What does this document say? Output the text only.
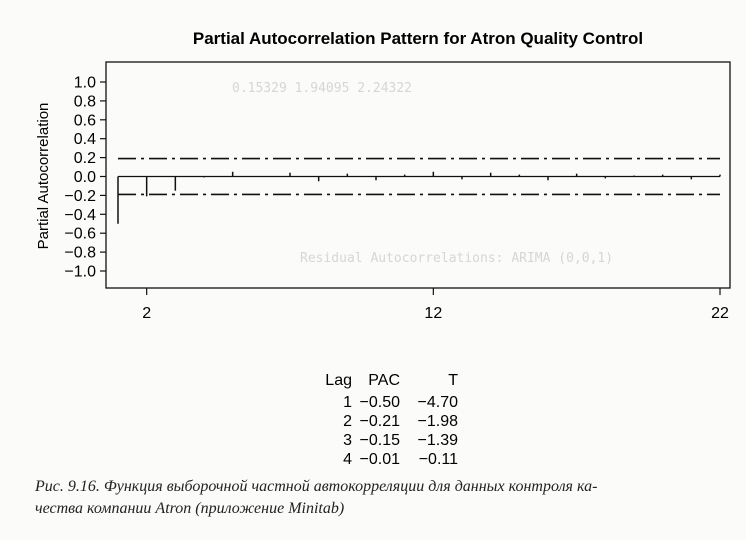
0.15329 1.94095 2.24322
Residual Autocorrelations: ARIMA (0,0,1)
Partial Autocorrelation Pattern for Atron Quality Control
Partial Autocorrelation
1.0
0.8
0.6
0.4
0.2
0.0
−0.2
−0.4
−0.6
−0.8
−1.0
2	12	22
Lag PAC	T
1 −0.50 −4.70
2 −0.21 −1.98
3 −0.15 −1.39
4 −0.01 −0.11
Рис. 9.16. Функция выборочной частной автокорреляции для данных контроля ка-
чества компании Atron (приложение Minitab)
